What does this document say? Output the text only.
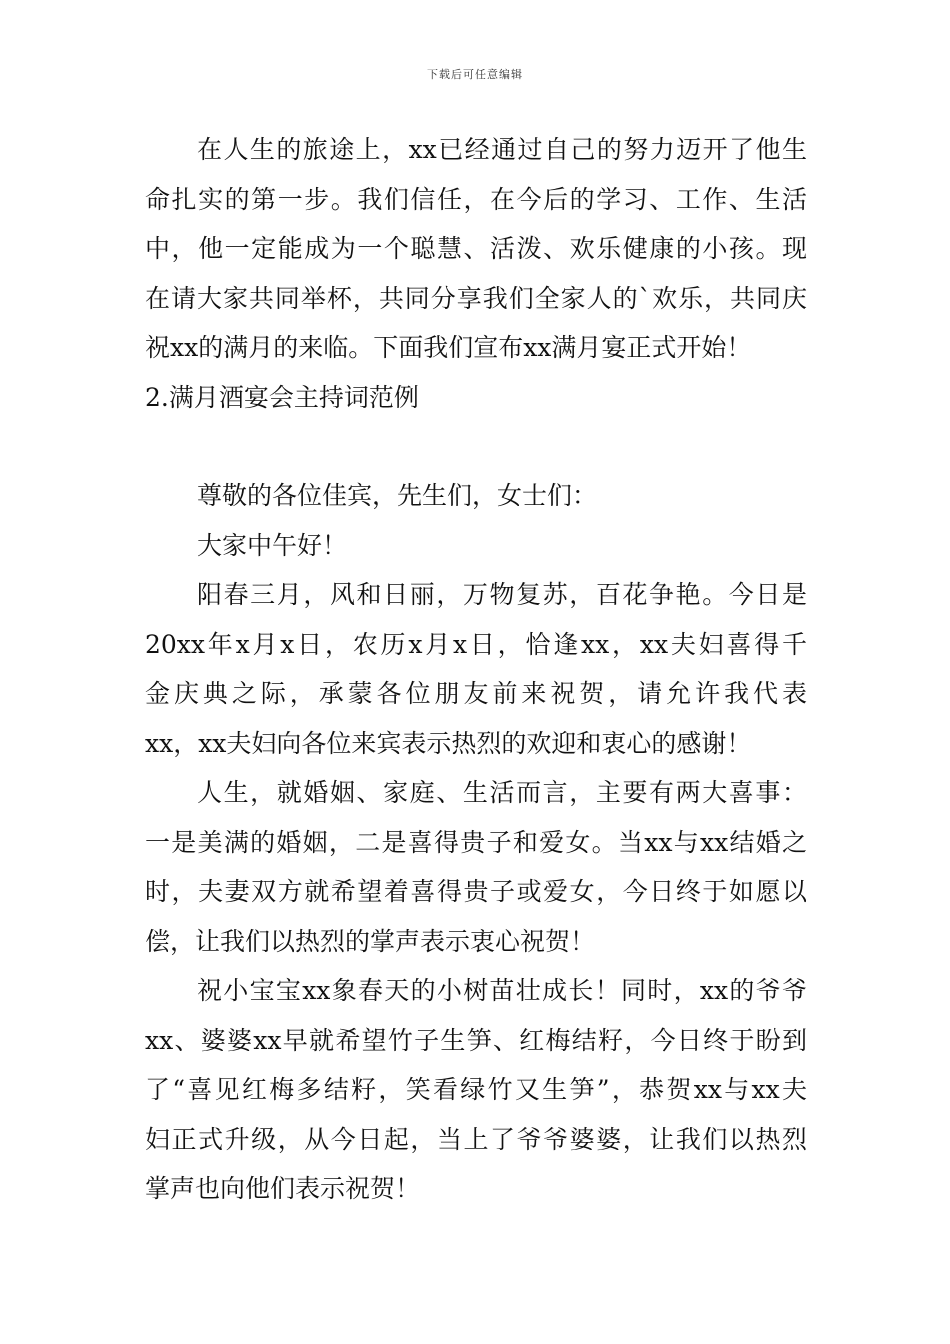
下载后可任意编辑
在人生的旅途上，xx已经通过自己的努力迈开了他生
命扎实的第一步。我们信任，在今后的学习、工作、生活
中，他一定能成为一个聪慧、活泼、欢乐健康的小孩。现
在请大家共同举杯，共同分享我们全家人的`欢乐，共同庆
祝xx的满月的来临。下面我们宣布xx满月宴正式开始！
2.满月酒宴会主持词范例
尊敬的各位佳宾，先生们，女士们：
大家中午好！
阳春三月，风和日丽，万物复苏，百花争艳。今日是
20xx年x月x日，农历x月x日，恰逢xx，xx夫妇喜得千
金庆典之际，承蒙各位朋友前来祝贺，请允许我代表
xx，xx夫妇向各位来宾表示热烈的欢迎和衷心的感谢！
人生，就婚姻、家庭、生活而言，主要有两大喜事：
一是美满的婚姻，二是喜得贵子和爱女。当xx与xx结婚之
时，夫妻双方就希望着喜得贵子或爱女，今日终于如愿以
偿，让我们以热烈的掌声表示衷心祝贺！
祝小宝宝xx象春天的小树苗壮成长！同时，xx的爷爷
xx、婆婆xx早就希望竹子生笋、红梅结籽，今日终于盼到
了“喜见红梅多结籽，笑看绿竹又生笋”，恭贺xx与xx夫
妇正式升级，从今日起，当上了爷爷婆婆，让我们以热烈
掌声也向他们表示祝贺！
